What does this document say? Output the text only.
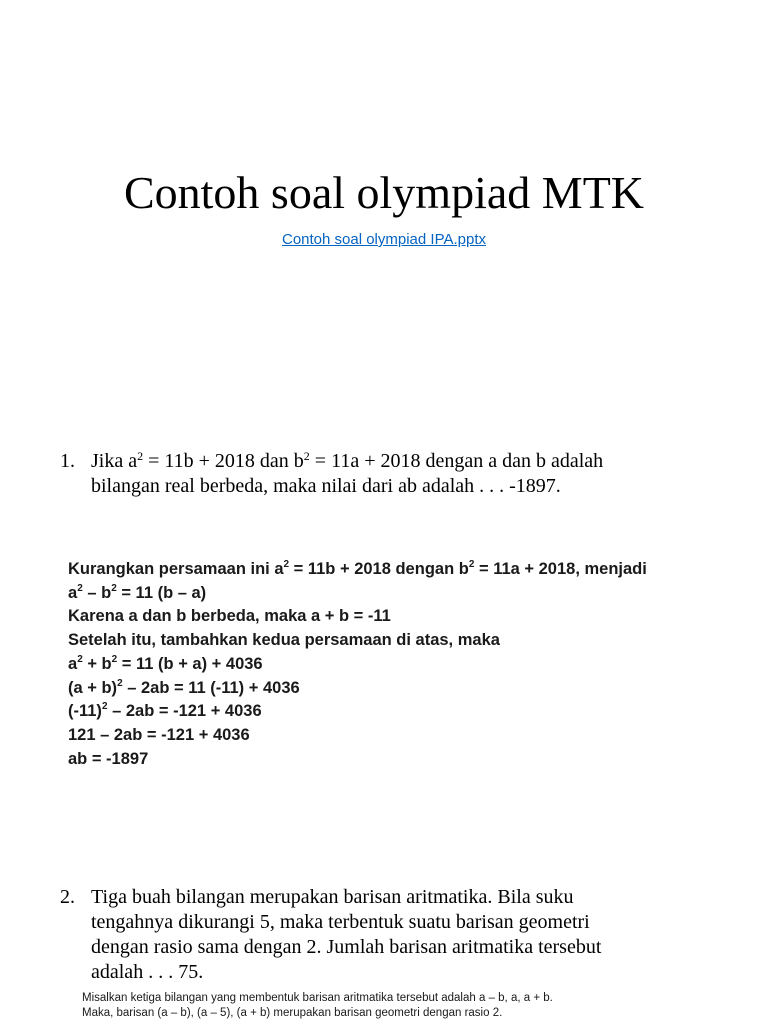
Contoh soal olympiad MTK
Contoh soal olympiad IPA.pptx
1. Jika $a^2 = 11b + 2018$ dan $b^2 = 11a + 2018$ dengan a dan b adalah
bilangan real berbeda, maka nilai dari ab adalah . . . -1897.
Kurangkan persamaan ini $a^2 = 11b + 2018$ dengan $b^2 = 11a + 2018$, menjadi
$a^2 - b^2 = 11$ (b – a)
Karena a dan b berbeda, maka a + b = -11
Setelah itu, tambahkan kedua persamaan di atas, maka
$a^2 + b^2 = 11$ (b + a) + 4036
$(a + b)^2 - 2ab = 11$ (-11) + 4036
$(-11)^2 - 2ab = -121 + 4036$
121 – 2ab = -121 + 4036
ab = -1897
2. Tiga buah bilangan merupakan barisan aritmatika. Bila suku
tengahnya dikurangi 5, maka terbentuk suatu barisan geometri
dengan rasio sama dengan 2. Jumlah barisan aritmatika tersebut
adalah . . . 75.
Misalkan ketiga bilangan yang membentuk barisan aritmatika tersebut adalah a – b, a, a + b.
Maka, barisan (a – b), (a – 5), (a + b) merupakan barisan geometri dengan rasio 2.
